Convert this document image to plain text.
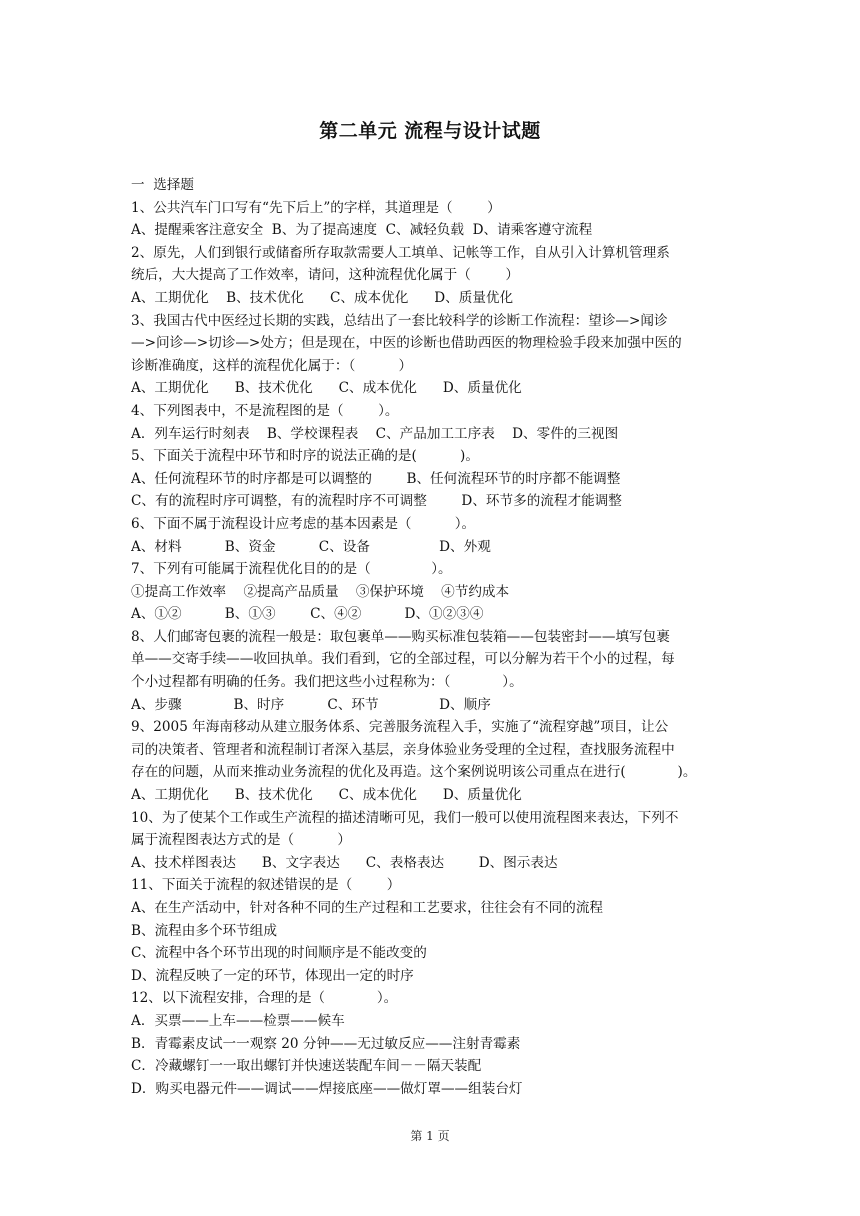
第二单元 流程与设计试题
一  选择题
1、公共汽车门口写有“先下后上”的字样，其道理是（        ）
A、提醒乘客注意安全  B、为了提高速度  C、减轻负载  D、请乘客遵守流程
2、原先，人们到银行或储畜所存取款需要人工填单、记帐等工作，自从引入计算机管理系
统后，大大提高了工作效率，请问，这种流程优化属于（        ）
A、工期优化    B、技术优化      C、成本优化      D、质量优化
3、我国古代中医经过长期的实践，总结出了一套比较科学的诊断工作流程：望诊—>闻诊
—>问诊—>切诊—>处方；但是现在，中医的诊断也借助西医的物理检验手段来加强中医的
诊断准确度，这样的流程优化属于：（          ）
A、工期优化      B、技术优化      C、成本优化      D、质量优化
4、下列图表中，不是流程图的是（        ）。
A．列车运行时刻表    B、学校课程表    C、产品加工工序表    D、零件的三视图
5、下面关于流程中环节和时序的说法正确的是(          )。
A、任何流程环节的时序都是可以调整的        B、任何流程环节的时序都不能调整
C、有的流程时序可调整，有的流程时序不可调整        D、环节多的流程才能调整
6、下面不属于流程设计应考虑的基本因素是（          ）。
A、材料          B、资金          C、设备                D、外观
7、下列有可能属于流程优化目的的是（              ）。
①提高工作效率    ②提高产品质量    ③保护环境    ④节约成本
A、①②          B、①③        C、④②          D、①②③④
8、人们邮寄包裹的流程一般是：取包裹单——购买标准包装箱——包装密封——填写包裹
单——交寄手续——收回执单。我们看到，它的全部过程，可以分解为若干个小的过程，每
个小过程都有明确的任务。我们把这些小过程称为：（            ）。
A、步骤            B、时序          C、环节              D、顺序
9、2005 年海南移动从建立服务体系、完善服务流程入手，实施了“流程穿越”项目，让公
司的决策者、管理者和流程制订者深入基层，亲身体验业务受理的全过程，查找服务流程中
存在的问题，从而来推动业务流程的优化及再造。这个案例说明该公司重点在进行(            )。
A、工期优化      B、技术优化      C、成本优化      D、质量优化
10、为了使某个工作或生产流程的描述清晰可见，我们一般可以使用流程图来表达，下列不
属于流程图表达方式的是（          ）
A、技术样图表达      B、文字表达      C、表格表达        D、图示表达
11、下面关于流程的叙述错误的是（        ）
A、在生产活动中，针对各种不同的生产过程和工艺要求，往往会有不同的流程
B、流程由多个环节组成
C、流程中各个环节出现的时间顺序是不能改变的
D、流程反映了一定的环节，体现出一定的时序
12、以下流程安排，合理的是（            ）。
A．买票——上车——检票——候车
B．青霉素皮试一一观察 20 分钟——无过敏反应——注射青霉素
C．冷藏螺钉一一取出螺钉并快速送装配车间－－隔天装配
D．购买电器元件——调试——焊接底座——做灯罩——组装台灯
第 1 页
